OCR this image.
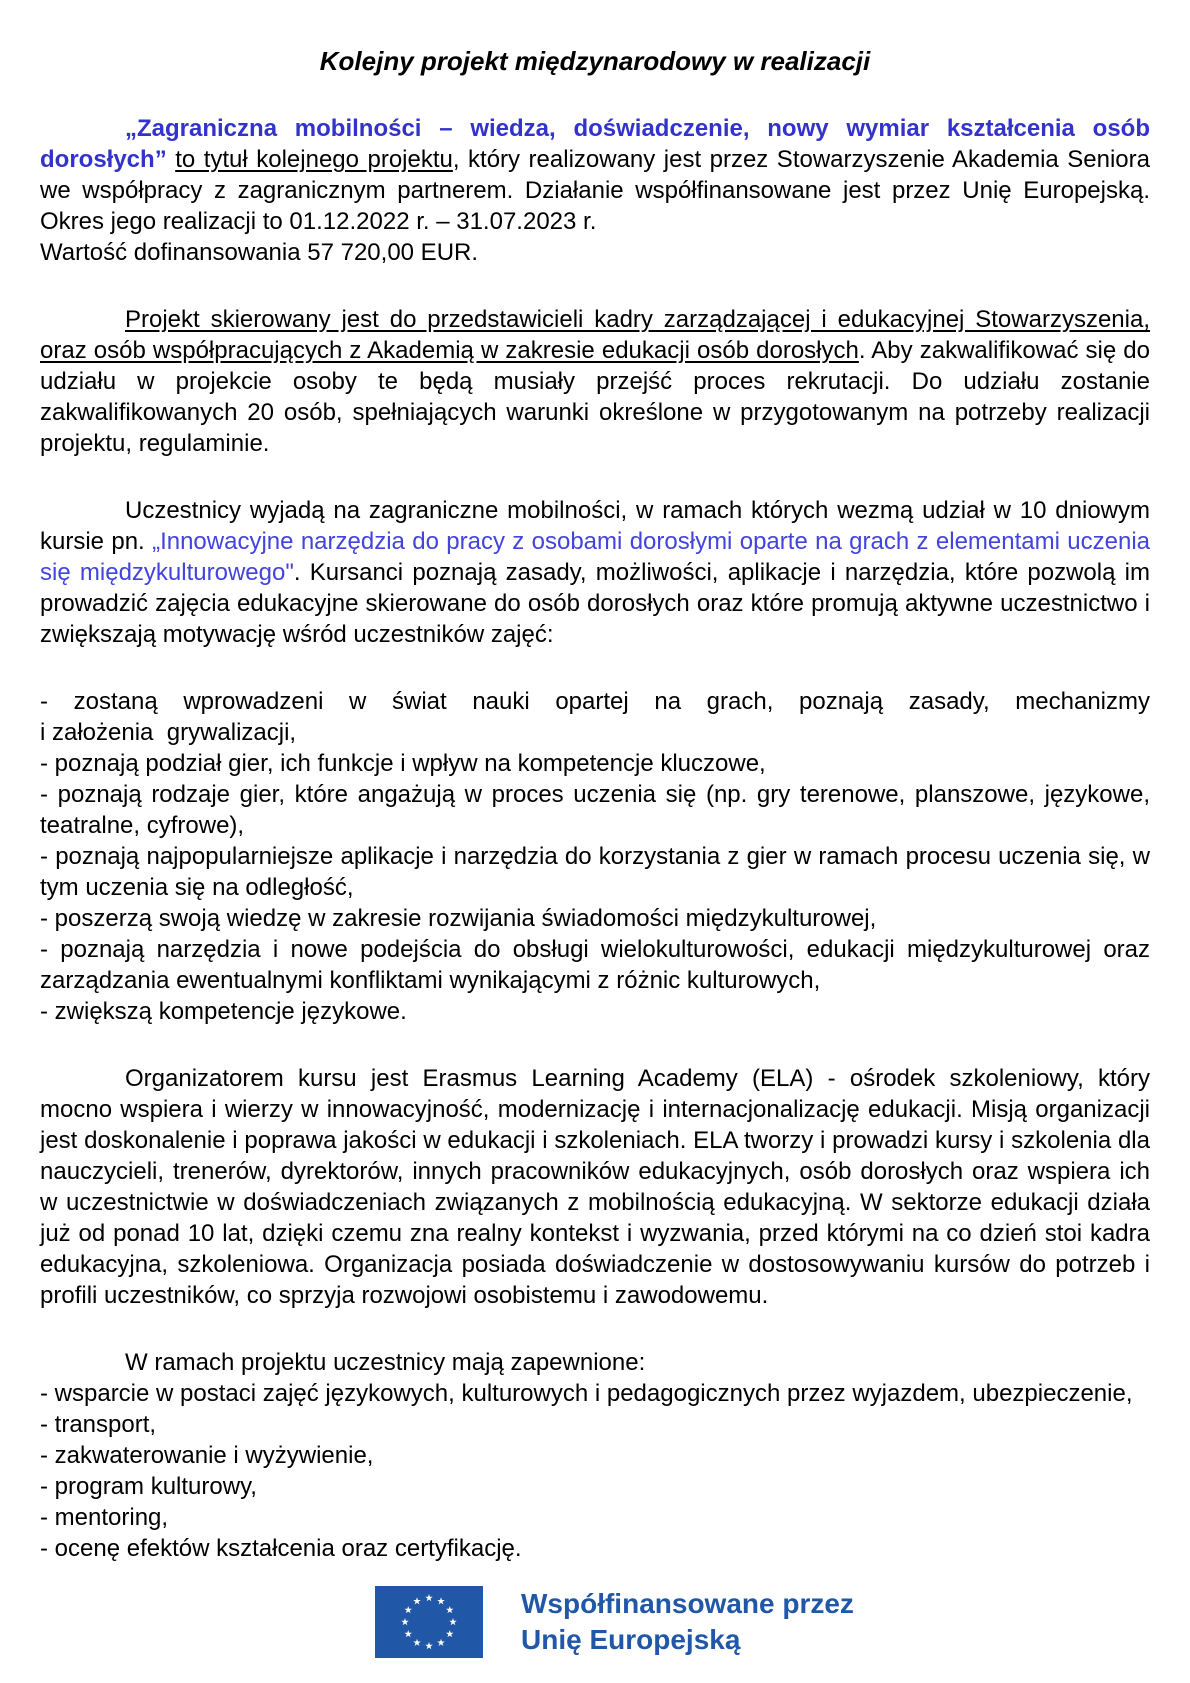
Kolejny projekt międzynarodowy w realizacji

„Zagraniczna mobilności – wiedza, doświadczenie, nowy wymiar kształcenia osób dorosłych” to tytuł kolejnego projektu, który realizowany jest przez Stowarzyszenie Akademia Seniora we współpracy z zagranicznym partnerem. Działanie współfinansowane jest przez Unię Europejską. Okres jego realizacji to 01.12.2022 r. – 31.07.2023 r.
Wartość dofinansowania 57 720,00 EUR.

Projekt skierowany jest do przedstawicieli kadry zarządzającej i edukacyjnej Stowarzyszenia, oraz osób współpracujących z Akademią w zakresie edukacji osób dorosłych. Aby zakwalifikować się do udziału w projekcie osoby te będą musiały przejść proces rekrutacji. Do udziału zostanie zakwalifikowanych 20 osób, spełniających warunki określone w przygotowanym na potrzeby realizacji projektu, regulaminie.

Uczestnicy wyjadą na zagraniczne mobilności, w ramach których wezmą udział w 10 dniowym kursie pn. „Innowacyjne narzędzia do pracy z osobami dorosłymi oparte na grach z elementami uczenia się międzykulturowego". Kursanci poznają zasady, możliwości, aplikacje i narzędzia, które pozwolą im prowadzić zajęcia edukacyjne skierowane do osób dorosłych oraz które promują aktywne uczestnictwo i zwiększają motywację wśród uczestników zajęć:

- zostaną wprowadzeni w świat nauki opartej na grach, poznają zasady, mechanizmy i założenia  grywalizacji,

- poznają podział gier, ich funkcje i wpływ na kompetencje kluczowe,

- poznają rodzaje gier, które angażują w proces uczenia się (np. gry terenowe, planszowe, językowe, teatralne, cyfrowe),

- poznają najpopularniejsze aplikacje i narzędzia do korzystania z gier w ramach procesu uczenia się, w tym uczenia się na odległość,

- poszerzą swoją wiedzę w zakresie rozwijania świadomości międzykulturowej,

- poznają narzędzia i nowe podejścia do obsługi wielokulturowości, edukacji międzykulturowej oraz zarządzania ewentualnymi konfliktami wynikającymi z różnic kulturowych,

- zwiększą kompetencje językowe.

Organizatorem kursu jest Erasmus Learning Academy (ELA) - ośrodek szkoleniowy, który mocno wspiera i wierzy w innowacyjność, modernizację i internacjonalizację edukacji. Misją organizacji jest doskonalenie i poprawa jakości w edukacji i szkoleniach. ELA tworzy i prowadzi kursy i szkolenia dla nauczycieli, trenerów, dyrektorów, innych pracowników edukacyjnych, osób dorosłych oraz wspiera ich w uczestnictwie w doświadczeniach związanych z mobilnością edukacyjną. W sektorze edukacji działa już od ponad 10 lat, dzięki czemu zna realny kontekst i wyzwania, przed którymi na co dzień stoi kadra edukacyjna, szkoleniowa. Organizacja posiada doświadczenie w dostosowywaniu kursów do potrzeb i profili uczestników, co sprzyja rozwojowi osobistemu i zawodowemu.

W ramach projektu uczestnicy mają zapewnione:

- wsparcie w postaci zajęć językowych, kulturowych i pedagogicznych przez wyjazdem, ubezpieczenie,

- transport,

- zakwaterowanie i wyżywienie,

- program kulturowy,

- mentoring,

- ocenę efektów kształcenia oraz certyfikację.

Współfinansowane przez
Unię Europejską
